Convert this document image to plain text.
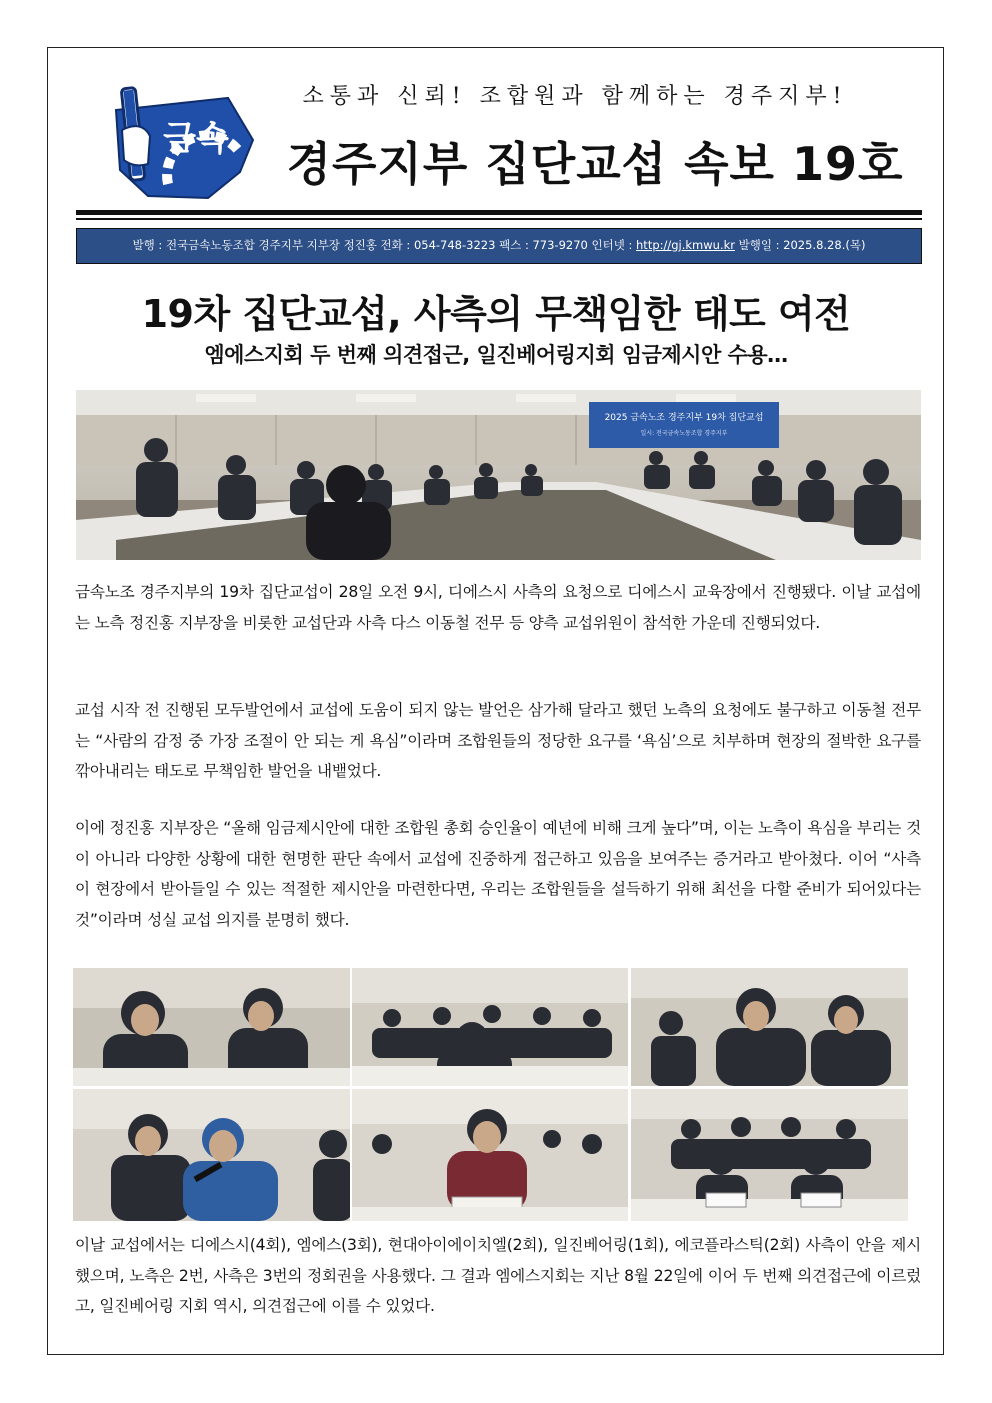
금속
소통과 신뢰! 조합원과 함께하는 경주지부!
경주지부 집단교섭 속보 19호
발행 : 전국금속노동조합 경주지부 지부장 정진홍 전화 : 054-748-3223 팩스 : 773-9270 인터넷 : http://gj.kmwu.kr 발행일 : 2025.8.28.(목)
19차 집단교섭, 사측의 무책임한 태도 여전
엠에스지회 두 번째 의견접근, 일진베어링지회 임금제시안 수용…
2025 금속노조 경주지부 19차 집단교섭
일시: 전국금속노동조합 경주지부

금속노조 경주지부의 19차 집단교섭이 28일 오전 9시, 디에스시 사측의 요청으로 디에스시 교육장에서 진행됐다. 이날 교섭에는 노측 정진홍 지부장을 비롯한 교섭단과 사측 다스 이동철 전무 등 양측 교섭위원이 참석한 가운데 진행되었다.

교섭 시작 전 진행된 모두발언에서 교섭에 도움이 되지 않는 발언은 삼가해 달라고 했던 노측의 요청에도 불구하고 이동철 전무는 “사람의 감정 중 가장 조절이 안 되는 게 욕심”이라며 조합원들의 정당한 요구를 ‘욕심’으로 치부하며 현장의 절박한 요구를 깎아내리는 태도로 무책임한 발언을 내뱉었다.

이에 정진홍 지부장은 “올해 임금제시안에 대한 조합원 총회 승인율이 예년에 비해 크게 높다”며, 이는 노측이 욕심을 부리는 것이 아니라 다양한 상황에 대한 현명한 판단 속에서 교섭에 진중하게 접근하고 있음을 보여주는 증거라고 받아쳤다. 이어 “사측이 현장에서 받아들일 수 있는 적절한 제시안을 마련한다면, 우리는 조합원들을 설득하기 위해 최선을 다할 준비가 되어있다는 것”이라며 성실 교섭 의지를 분명히 했다.

이날 교섭에서는 디에스시(4회), 엠에스(3회), 현대아이에이치엘(2회), 일진베어링(1회), 에코플라스틱(2회) 사측이 안을 제시했으며, 노측은 2번, 사측은 3번의 정회권을 사용했다. 그 결과 엠에스지회는 지난 8월 22일에 이어 두 번째 의견접근에 이르렀고, 일진베어링 지회 역시, 의견접근에 이를 수 있었다.
